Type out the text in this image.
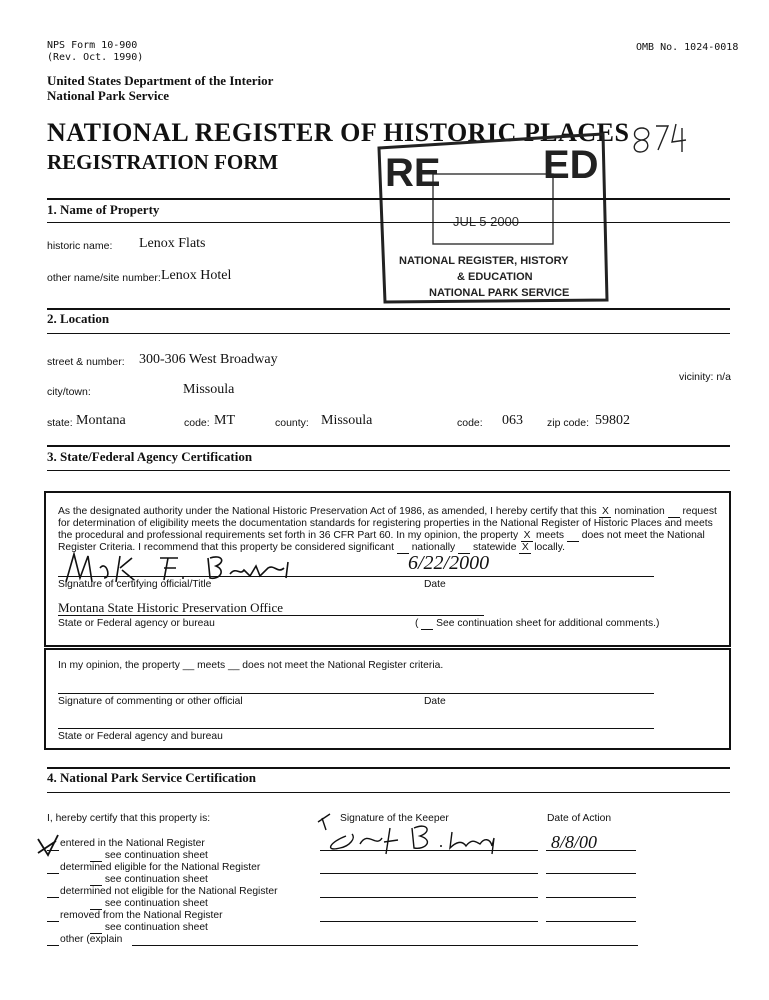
NPS Form 10-900
(Rev. Oct. 1990)
OMB No. 1024-0018
United States Department of the Interior
National Park Service
NATIONAL REGISTER OF HISTORIC PLACES
REGISTRATION FORM	RE	ED
JUL 5 2000
NATIONAL REGISTER, HISTORY
& EDUCATION
NATIONAL PARK SERVICE
1. Name of Property
historic name: Lenox Flats
other name/site number: Lenox Hotel
2. Location
street & number: 300-306 West Broadway
city/town:	Missoula
vicinity: n/a
state: Montana	code: MT	county: Missoula	code: 063 zip code: 59802
3. State/Federal Agency Certification
As the designated authority under the National Historic Preservation Act of 1986, as amended, I hereby certify that this X nomination request
for determination of eligibility meets the documentation standards for registering properties in the National Register of Historic Places and meets
the procedural and professional requirements set forth in 36 CFR Part 60. In my opinion, the property X meets does not meet the National
Register Criteria. I recommend that this property be considered significant nationally statewide X locally.
Signature of certifying official/Title	Date
6/22/2000
Montana State Historic Preservation Office
State or Federal agency or bureau	(    See continuation sheet for additional comments.)
In my opinion, the property __ meets __ does not meet the National Register criteria.
Signature of commenting or other official	Date
State or Federal agency and bureau
4. National Park Service Certification
I, hereby certify that this property is:	Signature of the Keeper	Date of Action
8/8/00
entered in the National Register
see continuation sheet
determined eligible for the National Register
see continuation sheet
determined not eligible for the National Register
see continuation sheet
removed from the National Register
see continuation sheet
other (explain
